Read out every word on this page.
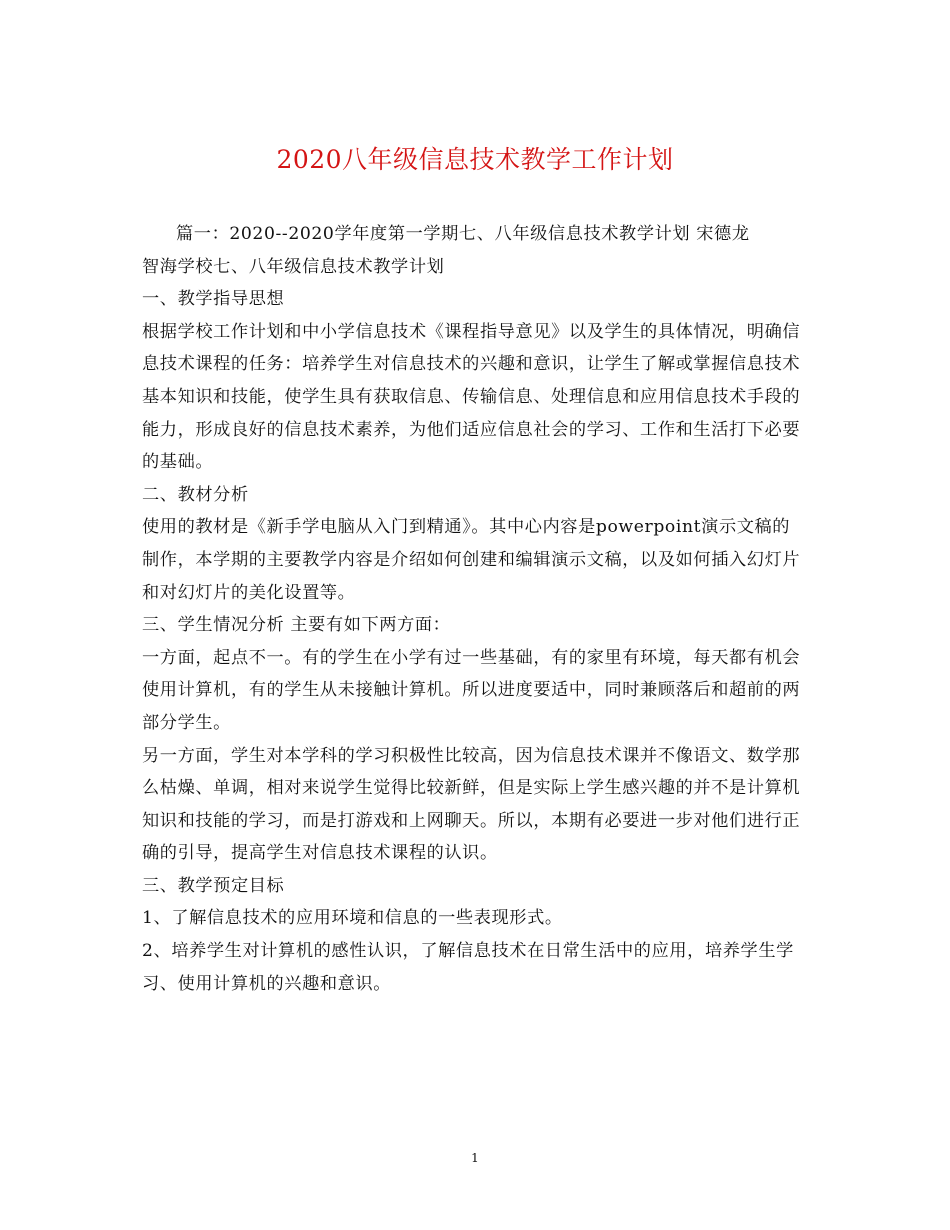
2020八年级信息技术教学工作计划

篇一：2020--2020学年度第一学期七、八年级信息技术教学计划 宋德龙

智海学校七、八年级信息技术教学计划

一、教学指导思想

根据学校工作计划和中小学信息技术《课程指导意见》以及学生的具体情况，明确信息技术课程的任务：培养学生对信息技术的兴趣和意识，让学生了解或掌握信息技术基本知识和技能，使学生具有获取信息、传输信息、处理信息和应用信息技术手段的能力，形成良好的信息技术素养，为他们适应信息社会的学习、工作和生活打下必要的基础。

二、教材分析

使用的教材是《新手学电脑从入门到精通》。其中心内容是powerpoint演示文稿的制作，本学期的主要教学内容是介绍如何创建和编辑演示文稿，以及如何插入幻灯片和对幻灯片的美化设置等。

三、学生情况分析 主要有如下两方面：

一方面，起点不一。有的学生在小学有过一些基础，有的家里有环境，每天都有机会使用计算机，有的学生从未接触计算机。所以进度要适中，同时兼顾落后和超前的两部分学生。

另一方面，学生对本学科的学习积极性比较高，因为信息技术课并不像语文、数学那么枯燥、单调，相对来说学生觉得比较新鲜，但是实际上学生感兴趣的并不是计算机知识和技能的学习，而是打游戏和上网聊天。所以，本期有必要进一步对他们进行正确的引导，提高学生对信息技术课程的认识。

三、教学预定目标

1、了解信息技术的应用环境和信息的一些表现形式。

2、培养学生对计算机的感性认识，了解信息技术在日常生活中的应用，培养学生学习、使用计算机的兴趣和意识。

1
